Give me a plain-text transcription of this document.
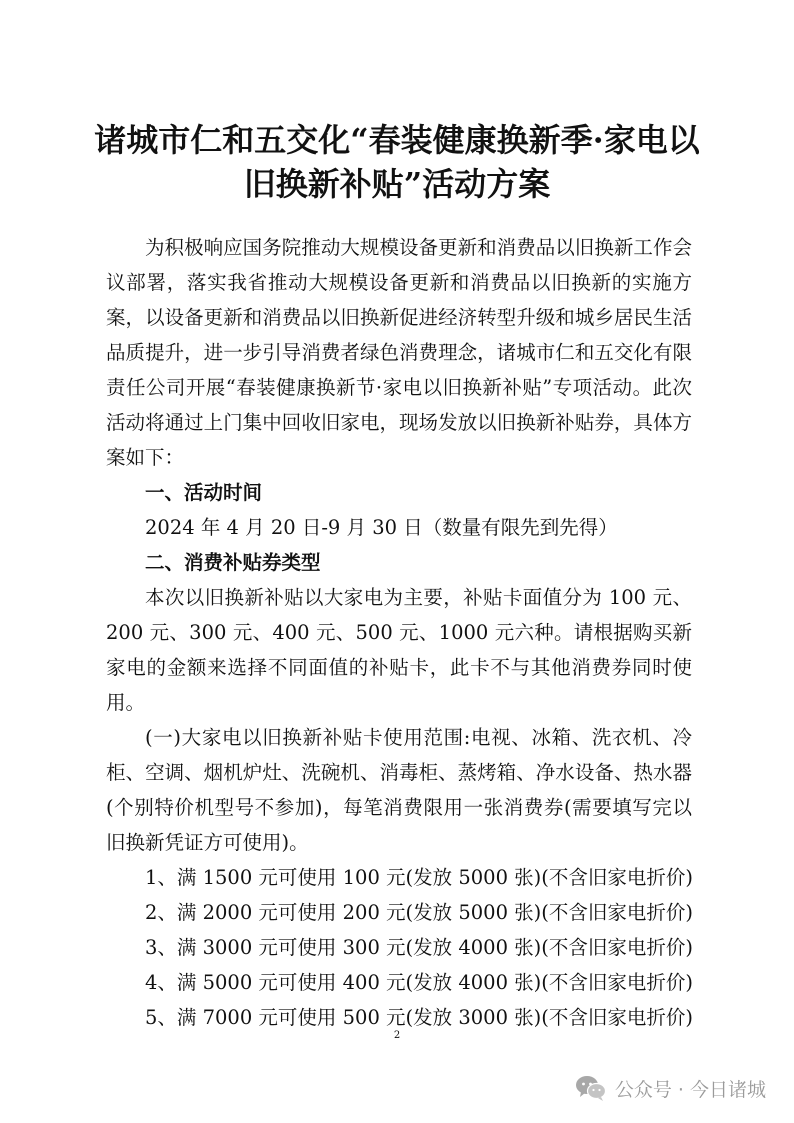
诸城市仁和五交化“春装健康换新季·家电以
旧换新补贴”活动方案

为积极响应国务院推动大规模设备更新和消费品以旧换新工作会议部署，落实我省推动大规模设备更新和消费品以旧换新的实施方案，以设备更新和消费品以旧换新促进经济转型升级和城乡居民生活品质提升，进一步引导消费者绿色消费理念，诸城市仁和五交化有限责任公司开展“春装健康换新节·家电以旧换新补贴”专项活动。此次活动将通过上门集中回收旧家电，现场发放以旧换新补贴券，具体方案如下：

一、活动时间

2024 年 4 月 20 日-9 月 30 日（数量有限先到先得）

二、消费补贴券类型

本次以旧换新补贴以大家电为主要，补贴卡面值分为 100 元、200 元、300 元、400 元、500 元、1000 元六种。请根据购买新家电的金额来选择不同面值的补贴卡，此卡不与其他消费券同时使用。

(一)大家电以旧换新补贴卡使用范围:电视、冰箱、洗衣机、冷柜、空调、烟机炉灶、洗碗机、消毒柜、蒸烤箱、净水设备、热水器(个别特价机型号不参加)，每笔消费限用一张消费券(需要填写完以旧换新凭证方可使用)。

1、满 1500 元可使用 100 元(发放 5000 张)(不含旧家电折价)

2、满 2000 元可使用 200 元(发放 5000 张)(不含旧家电折价)

3、满 3000 元可使用 300 元(发放 4000 张)(不含旧家电折价)

4、满 5000 元可使用 400 元(发放 4000 张)(不含旧家电折价)

5、满 7000 元可使用 500 元(发放 3000 张)(不含旧家电折价)

2
公众号 · 今日诸城
